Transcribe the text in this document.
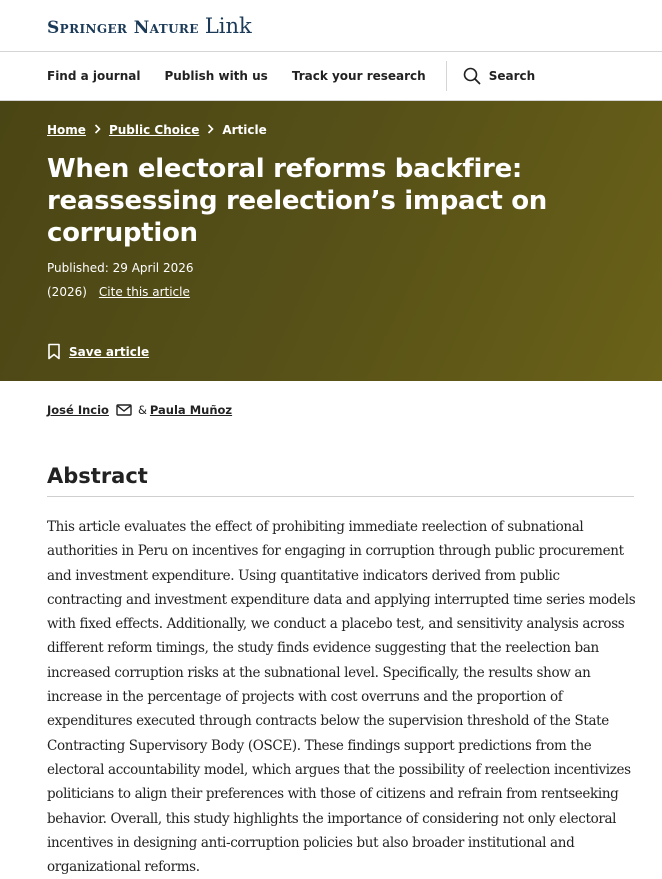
Springer Nature Link
Find a journal Publish with us Track your research	Search
Home Public Choice Article
When electoral reforms backfire: reassessing reelection’s impact on corruption
Published: 29 April 2026
(2026) Cite this article
Save article
José Incio	& Paula Muñoz
Abstract

This article evaluates the effect of prohibiting immediate reelection of subnational authorities in Peru on incentives for engaging in corruption through public procurement and investment expenditure. Using quantitative indicators derived from public contracting and investment expenditure data and applying interrupted time series models with fixed effects. Additionally, we conduct a placebo test, and sensitivity analysis across different reform timings, the study finds evidence suggesting that the reelection ban increased corruption risks at the subnational level. Specifically, the results show an increase in the percentage of projects with cost overruns and the proportion of expenditures executed through contracts below the supervision threshold of the State Contracting Supervisory Body (OSCE). These findings support predictions from the electoral accountability model, which argues that the possibility of reelection incentivizes politicians to align their preferences with those of citizens and refrain from rentseeking behavior. Overall, this study highlights the importance of considering not only electoral incentives in designing anti-corruption policies but also broader institutional and organizational reforms.
